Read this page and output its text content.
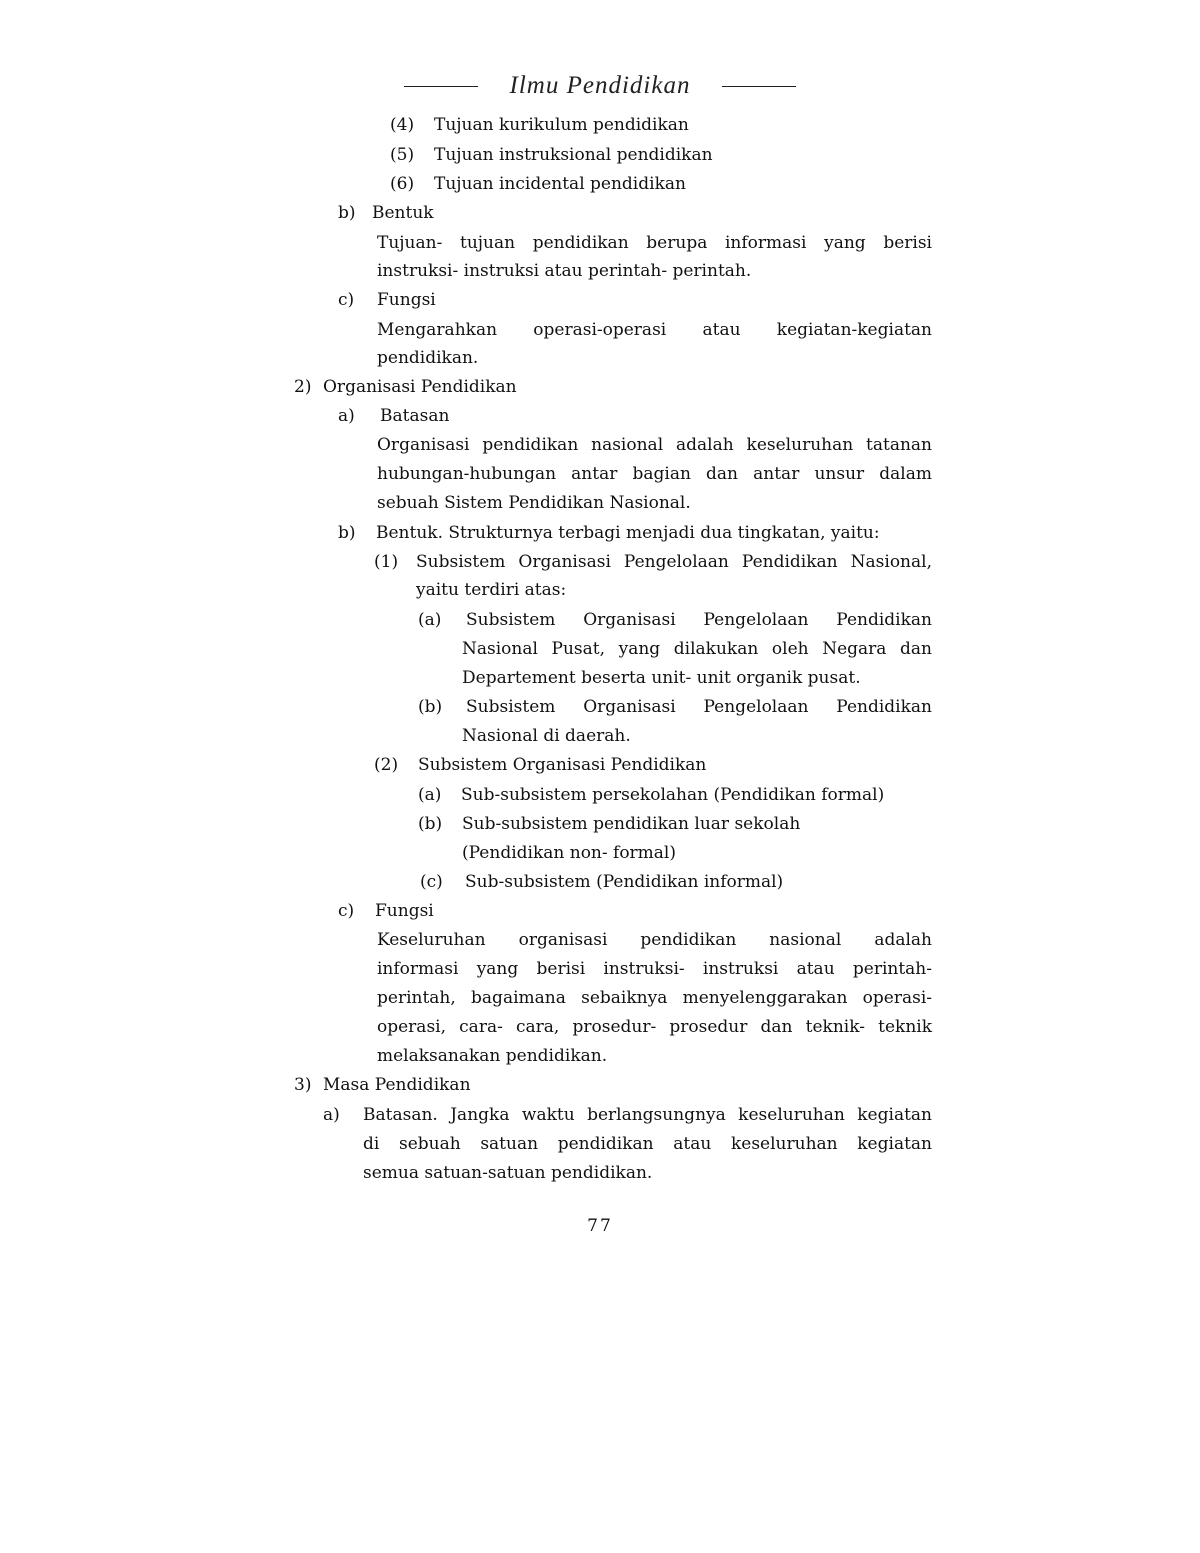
Ilmu Pendidikan
(4) Tujuan kurikulum pendidikan
(5) Tujuan instruksional pendidikan
(6) Tujuan incidental pendidikan
b) Bentuk
Tujuan- tujuan pendidikan berupa informasi yang berisi
instruksi- instruksi atau perintah- perintah.
c) Fungsi
Mengarahkan operasi-operasi atau kegiatan-kegiatan
pendidikan.
2) Organisasi Pendidikan
a) Batasan
Organisasi pendidikan nasional adalah keseluruhan tatanan
hubungan-hubungan antar bagian dan antar unsur dalam
sebuah Sistem Pendidikan Nasional.
b) Bentuk. Strukturnya terbagi menjadi dua tingkatan, yaitu:
(1) Subsistem Organisasi Pengelolaan Pendidikan Nasional,
yaitu terdiri atas:
(a) Subsistem Organisasi Pengelolaan Pendidikan
Nasional Pusat, yang dilakukan oleh Negara dan
Departement beserta unit- unit organik pusat.
(b) Subsistem Organisasi Pengelolaan Pendidikan
Nasional di daerah.
(2) Subsistem Organisasi Pendidikan
(a) Sub-subsistem persekolahan (Pendidikan formal)
(b) Sub-subsistem pendidikan luar sekolah
(Pendidikan non- formal)
(c) Sub-subsistem (Pendidikan informal)
c) Fungsi
Keseluruhan organisasi pendidikan nasional adalah
informasi yang berisi instruksi- instruksi atau perintah-
perintah, bagaimana sebaiknya menyelenggarakan operasi-
operasi, cara- cara, prosedur- prosedur dan teknik- teknik
melaksanakan pendidikan.
3) Masa Pendidikan
a) Batasan. Jangka waktu berlangsungnya keseluruhan kegiatan
di sebuah satuan pendidikan atau keseluruhan kegiatan
semua satuan-satuan pendidikan.
77
